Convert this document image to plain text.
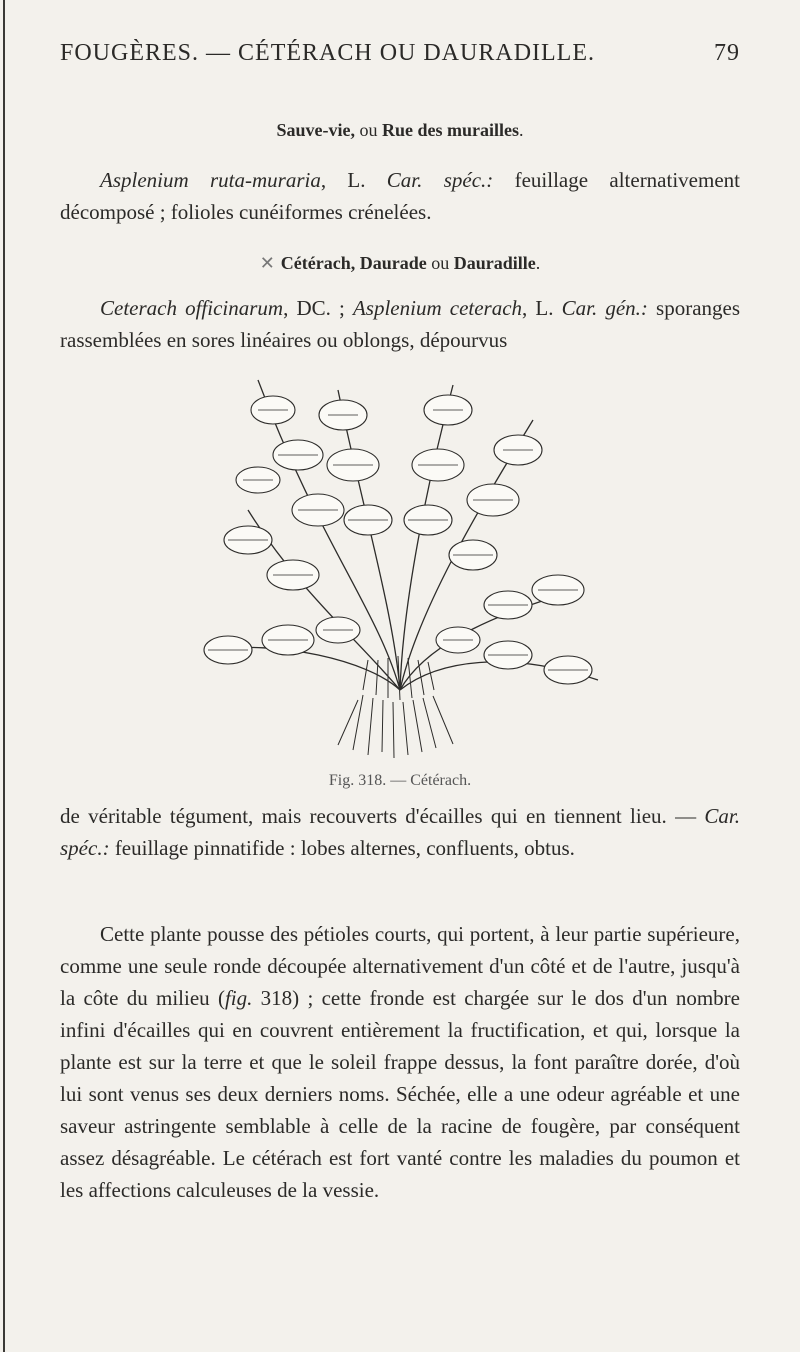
FOUGÈRES. — CÉTÉRACH OU DAURADILLE.	79
Sauve-vie, ou Rue des murailles.
Asplenium ruta-muraria, L. Car. spéc.: feuillage alternativement décomposé ; folioles cunéiformes crénelées.
✕ Cétérach, Daurade ou Dauradille.
Ceterach officinarum, DC. ; Asplenium ceterach, L. Car. gén.: sporanges rassemblées en sores linéaires ou oblongs, dépourvus
Fig. 318. — Cétérach.
de véritable tégument, mais recouverts d'écailles qui en tiennent lieu. — Car. spéc.: feuillage pinnatifide : lobes alternes, confluents, obtus.
Cette plante pousse des pétioles courts, qui portent, à leur partie supérieure, comme une seule ronde découpée alternativement d'un côté et de l'autre, jusqu'à la côte du milieu (fig. 318) ; cette fronde est chargée sur le dos d'un nombre infini d'écailles qui en couvrent entièrement la fructification, et qui, lorsque la plante est sur la terre et que le soleil frappe dessus, la font paraître dorée, d'où lui sont venus ses deux derniers noms. Séchée, elle a une odeur agréable et une saveur astringente semblable à celle de la racine de fougère, par conséquent assez désagréable. Le cétérach est fort vanté contre les maladies du poumon et les affections calculeuses de la vessie.
